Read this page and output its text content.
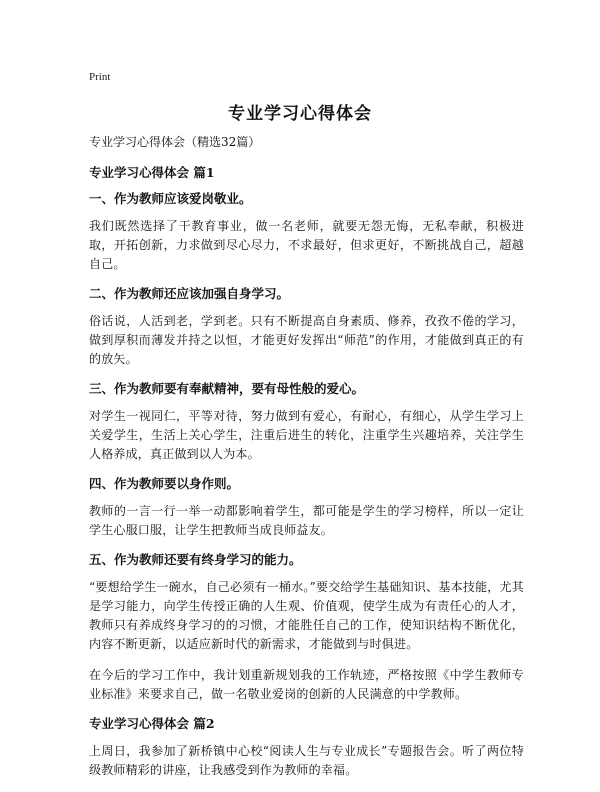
Print
专业学习心得体会
专业学习心得体会（精选32篇）
专业学习心得体会 篇1
一、作为教师应该爱岗敬业。
我们既然选择了干教育事业，做一名老师，就要无怨无悔，无私奉献，积极进取，开拓创新，力求做到尽心尽力，不求最好，但求更好，不断挑战自己，超越自己。
二、作为教师还应该加强自身学习。
俗话说，人活到老，学到老。只有不断提高自身素质、修养，孜孜不倦的学习，做到厚积而薄发并持之以恒，才能更好发挥出“师范”的作用，才能做到真正的有的放矢。
三、作为教师要有奉献精神，要有母性般的爱心。
对学生一视同仁，平等对待，努力做到有爱心，有耐心，有细心，从学生学习上关爱学生，生活上关心学生，注重后进生的转化，注重学生兴趣培养，关注学生人格养成，真正做到以人为本。
四、作为教师要以身作则。
教师的一言一行一举一动都影响着学生，都可能是学生的学习榜样，所以一定让学生心服口服，让学生把教师当成良师益友。
五、作为教师还要有终身学习的能力。
“要想给学生一碗水，自己必须有一桶水。”要交给学生基础知识、基本技能，尤其是学习能力，向学生传授正确的人生观、价值观，使学生成为有责任心的人才，教师只有养成终身学习的的习惯，才能胜任自己的工作，使知识结构不断优化，内容不断更新，以适应新时代的新需求，才能做到与时俱进。
在今后的学习工作中，我计划重新规划我的工作轨迹，严格按照《中学生教师专业标准》来要求自己，做一名敬业爱岗的创新的人民满意的中学教师。
专业学习心得体会 篇2
上周日，我参加了新桥镇中心校“阅读人生与专业成长”专题报告会。听了两位特级教师精彩的讲座，让我感受到作为教师的幸福。
